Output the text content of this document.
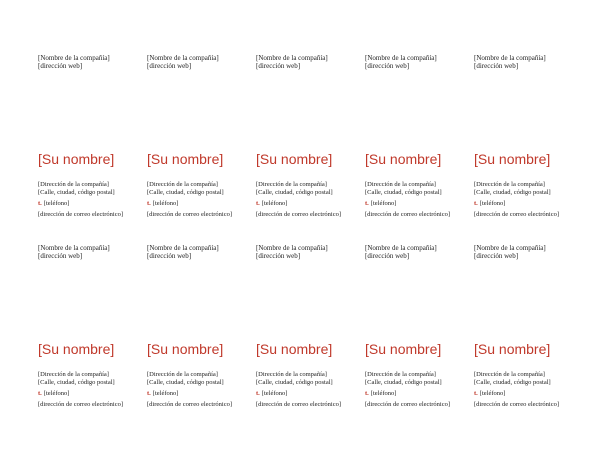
[Nombre de la compañía]
[dirección web]
[Su nombre]
[Dirección de la compañía]
[Calle, ciudad, código postal]
t. [teléfono]
[dirección de correo electrónico]
[Nombre de la compañía]
[dirección web]
[Su nombre]
[Dirección de la compañía]
[Calle, ciudad, código postal]
t. [teléfono]
[dirección de correo electrónico]
[Nombre de la compañía]
[dirección web]
[Su nombre]
[Dirección de la compañía]
[Calle, ciudad, código postal]
t. [teléfono]
[dirección de correo electrónico]
[Nombre de la compañía]
[dirección web]
[Su nombre]
[Dirección de la compañía]
[Calle, ciudad, código postal]
t. [teléfono]
[dirección de correo electrónico]
[Nombre de la compañía]
[dirección web]
[Su nombre]
[Dirección de la compañía]
[Calle, ciudad, código postal]
t. [teléfono]
[dirección de correo electrónico]
[Nombre de la compañía]
[dirección web]
[Su nombre]
[Dirección de la compañía]
[Calle, ciudad, código postal]
t. [teléfono]
[dirección de correo electrónico]
[Nombre de la compañía]
[dirección web]
[Su nombre]
[Dirección de la compañía]
[Calle, ciudad, código postal]
t. [teléfono]
[dirección de correo electrónico]
[Nombre de la compañía]
[dirección web]
[Su nombre]
[Dirección de la compañía]
[Calle, ciudad, código postal]
t. [teléfono]
[dirección de correo electrónico]
[Nombre de la compañía]
[dirección web]
[Su nombre]
[Dirección de la compañía]
[Calle, ciudad, código postal]
t. [teléfono]
[dirección de correo electrónico]
[Nombre de la compañía]
[dirección web]
[Su nombre]
[Dirección de la compañía]
[Calle, ciudad, código postal]
t. [teléfono]
[dirección de correo electrónico]
